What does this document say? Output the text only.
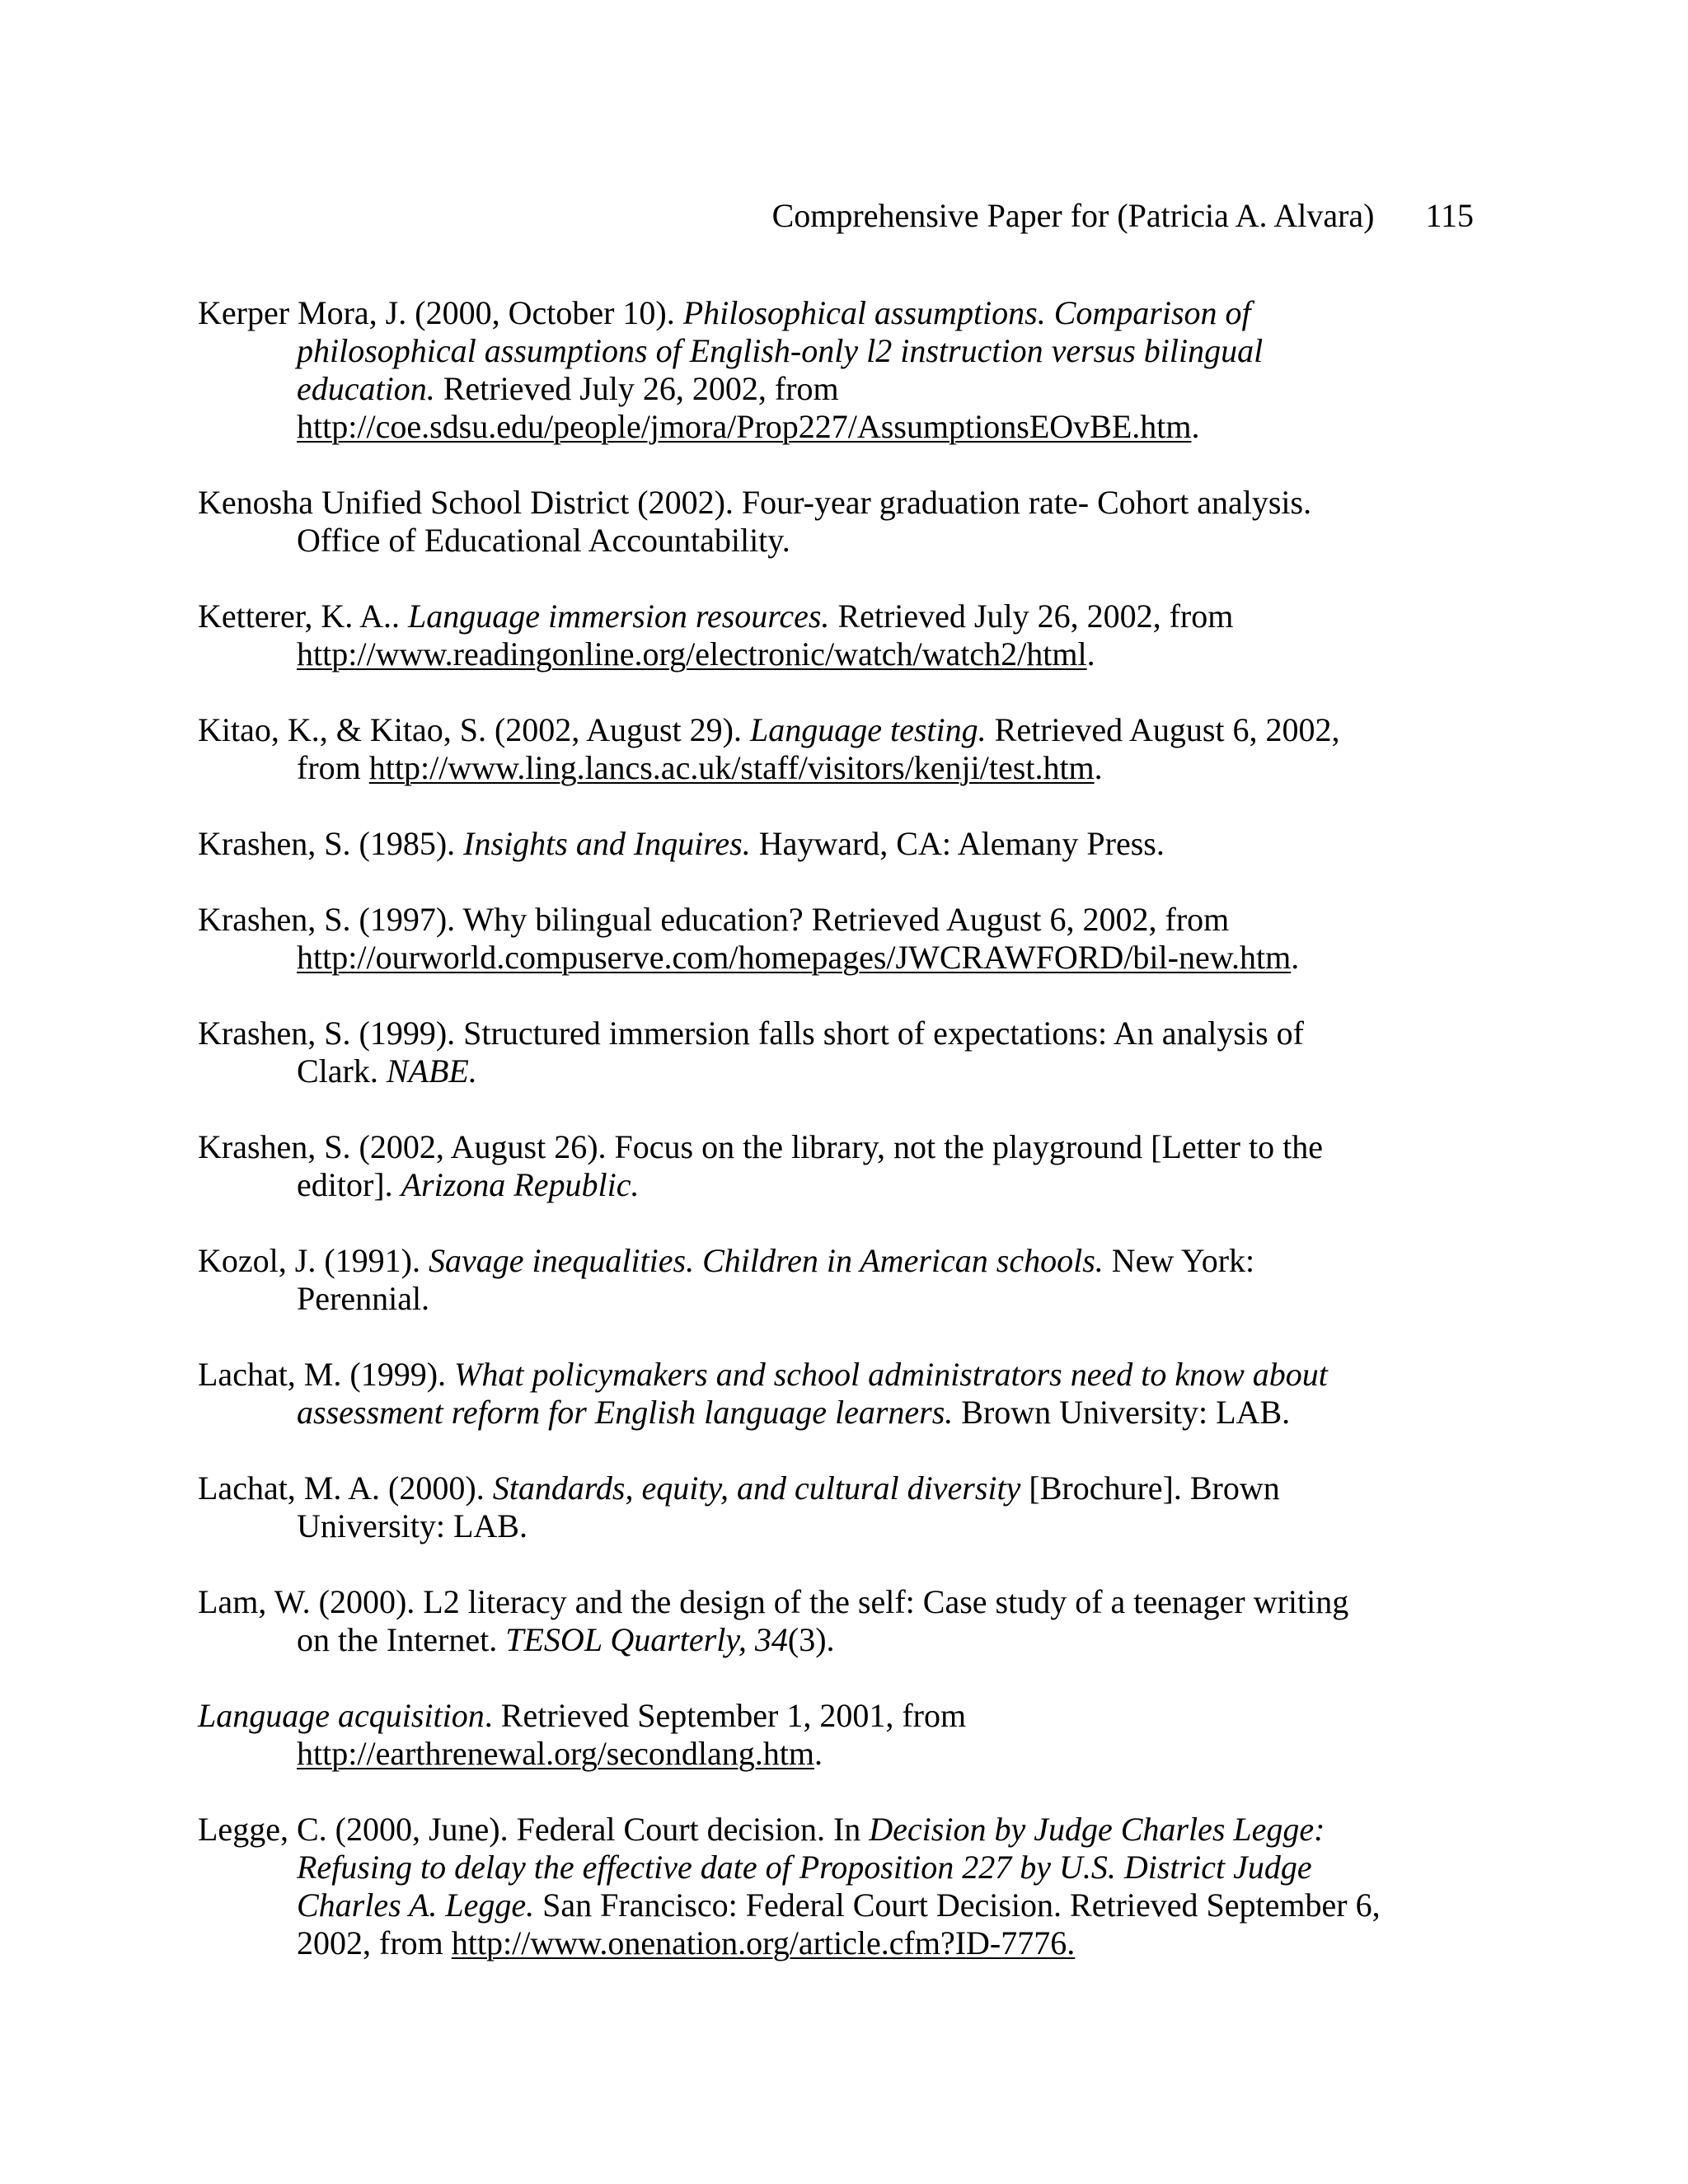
Comprehensive Paper for (Patricia A. Alvara) 115
Kerper Mora, J. (2000, October 10). Philosophical assumptions. Comparison of philosophical assumptions of English-only l2 instruction versus bilingual education. Retrieved July 26, 2002, from http://coe.sdsu.edu/people/jmora/Prop227/AssumptionsEOvBE.htm.
Kenosha Unified School District (2002). Four-year graduation rate- Cohort analysis. Office of Educational Accountability.
Ketterer, K. A.. Language immersion resources. Retrieved July 26, 2002, from http://www.readingonline.org/electronic/watch/watch2/html.
Kitao, K., & Kitao, S. (2002, August 29). Language testing. Retrieved August 6, 2002, from http://www.ling.lancs.ac.uk/staff/visitors/kenji/test.htm.
Krashen, S. (1985). Insights and Inquires. Hayward, CA: Alemany Press.
Krashen, S. (1997). Why bilingual education? Retrieved August 6, 2002, from http://ourworld.compuserve.com/homepages/JWCRAWFORD/bil-new.htm.
Krashen, S. (1999). Structured immersion falls short of expectations: An analysis of Clark. NABE.
Krashen, S. (2002, August 26). Focus on the library, not the playground [Letter to the editor]. Arizona Republic.
Kozol, J. (1991). Savage inequalities. Children in American schools. New York: Perennial.
Lachat, M. (1999). What policymakers and school administrators need to know about assessment reform for English language learners. Brown University: LAB.
Lachat, M. A. (2000). Standards, equity, and cultural diversity [Brochure]. Brown University: LAB.
Lam, W. (2000). L2 literacy and the design of the self: Case study of a teenager writing on the Internet. TESOL Quarterly, 34(3).
Language acquisition. Retrieved September 1, 2001, from http://earthrenewal.org/secondlang.htm.
Legge, C. (2000, June). Federal Court decision. In Decision by Judge Charles Legge: Refusing to delay the effective date of Proposition 227 by U.S. District Judge Charles A. Legge. San Francisco: Federal Court Decision. Retrieved September 6, 2002, from http://www.onenation.org/article.cfm?ID-7776.
